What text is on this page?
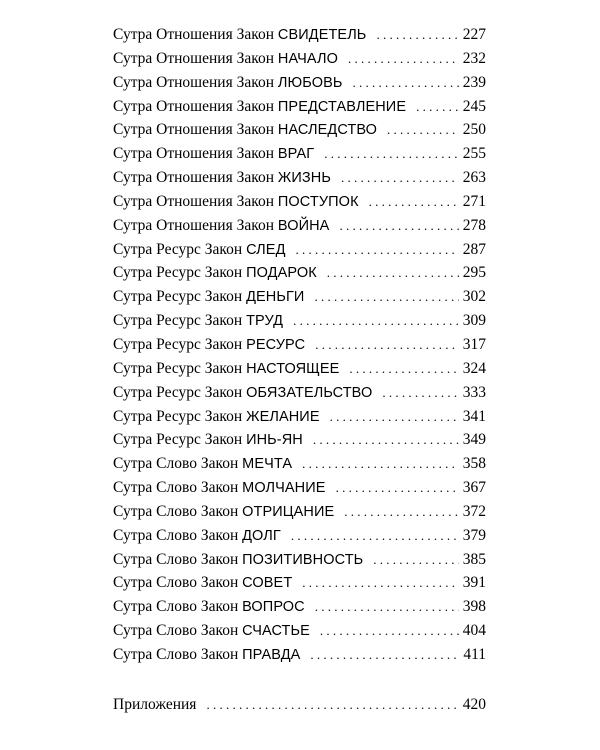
Сутра Отношения Закон СВИДЕТЕЛЬ . . .	227
Сутра Отношения Закон НАЧАЛО . . .	232
Сутра Отношения Закон ЛЮБОВЬ . . .	239
Сутра Отношения Закон ПРЕДСТАВЛЕНИЕ . . .	245
Сутра Отношения Закон НАСЛЕДСТВО . . .	250
Сутра Отношения Закон ВРАГ . . .	255
Сутра Отношения Закон ЖИЗНЬ . . .	263
Сутра Отношения Закон ПОСТУПОК . . .	271
Сутра Отношения Закон ВОЙНА . . .	278
Сутра Ресурс Закон СЛЕД . . .	287
Сутра Ресурс Закон ПОДАРОК . . .	295
Сутра Ресурс Закон ДЕНЬГИ . . .	302
Сутра Ресурс Закон ТРУД . . .	309
Сутра Ресурс Закон РЕСУРС . . .	317
Сутра Ресурс Закон НАСТОЯЩЕЕ . . .	324
Сутра Ресурс Закон ОБЯЗАТЕЛЬСТВО . . .	333
Сутра Ресурс Закон ЖЕЛАНИЕ . . .	341
Сутра Ресурс Закон ИНЬ-ЯН . . .	349
Сутра Слово Закон МЕЧТА . . .	358
Сутра Слово Закон МОЛЧАНИЕ . . .	367
Сутра Слово Закон ОТРИЦАНИЕ . . .	372
Сутра Слово Закон ДОЛГ . . .	379
Сутра Слово Закон ПОЗИТИВНОСТЬ . . .	385
Сутра Слово Закон СОВЕТ . . .	391
Сутра Слово Закон ВОПРОС . . .	398
Сутра Слово Закон СЧАСТЬЕ . . .	404
Сутра Слово Закон ПРАВДА . . .	411
Приложения . . .	420
